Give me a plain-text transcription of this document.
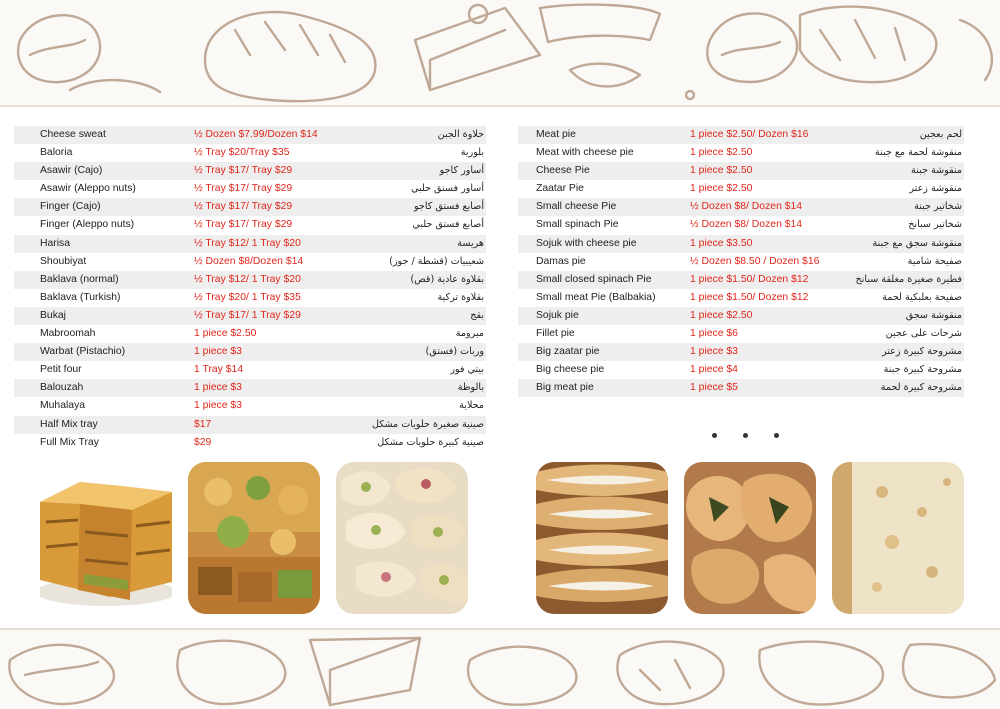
Cheese sweat	½ Dozen $7.99/Dozen $14	حلاوة الجبن
Baloria	½ Tray $20/Tray $35	بلورية
Asawir (Cajo)	½ Tray $17/ Tray $29	أساور كاجو
Asawir (Aleppo nuts)	½ Tray $17/ Tray $29	أساور فستق حلبي
Finger (Cajo)	½ Tray $17/ Tray $29	أصابع فستق كاجو
Finger (Aleppo nuts)	½ Tray $17/ Tray $29	أصابع فستق حلبي
Harisa	½ Tray $12/ 1 Tray $20	هريسة
Shoubiyat	½ Dozen $8/Dozen $14	شعيبيات (قشطة / جوز)
Baklava (normal)	½ Tray $12/ 1 Tray $20	بقلاوة عادية (قص)
Baklava (Turkish)	½ Tray $20/ 1 Tray $35	بقلاوة تركية
Bukaj	½ Tray $17/ 1 Tray $29	بقج
Mabroomah	1 piece $2.50	مبرومة
Warbat (Pistachio)	1 piece $3	وربات (فستق)
Petit four	1 Tray $14	بيتي فور
Balouzah	1 piece $3	بالوظة
Muhalaya	1 piece $3	محلاية
Half Mix tray	$17	صينية صغيرة حلويات مشكل
Full Mix Tray	$29	صينية كبيرة حلويات مشكل
Meat pie	1 piece $2.50/ Dozen $16	لحم بعجين
Meat with cheese pie	1 piece $2.50	منقوشة لحمة مع جبنة
Cheese Pie	1 piece $2.50	منقوشة جبنة
Zaatar Pie	1 piece $2.50	منقوشة زعتر
Small cheese Pie	½ Dozen $8/ Dozen $14	شخاتير جبنة
Small spinach Pie	½ Dozen $8/ Dozen $14	شخاتير سبانخ
Sojuk with cheese pie	1 piece $3.50	منقوشة سجق مع جبنة
Damas pie	½ Dozen $8.50 / Dozen $16	صفيحة شامية
Small closed spinach Pie	1 piece $1.50/ Dozen $12	فطيرة صغيرة مغلقة سبانخ
Small meat Pie (Balbakia)	1 piece $1.50/ Dozen $12	صفيحة بعلبكية لحمة
Sojuk pie	1 piece $2.50	منقوشة سجق
Fillet pie	1 piece $6	شرحات على عجين
Big zaatar pie	1 piece $3	مشروحة كبيرة زعتر
Big cheese pie	1 piece $4	مشروحة كبيرة جبنة
Big meat pie	1 piece $5	مشروحة كبيرة لحمة
